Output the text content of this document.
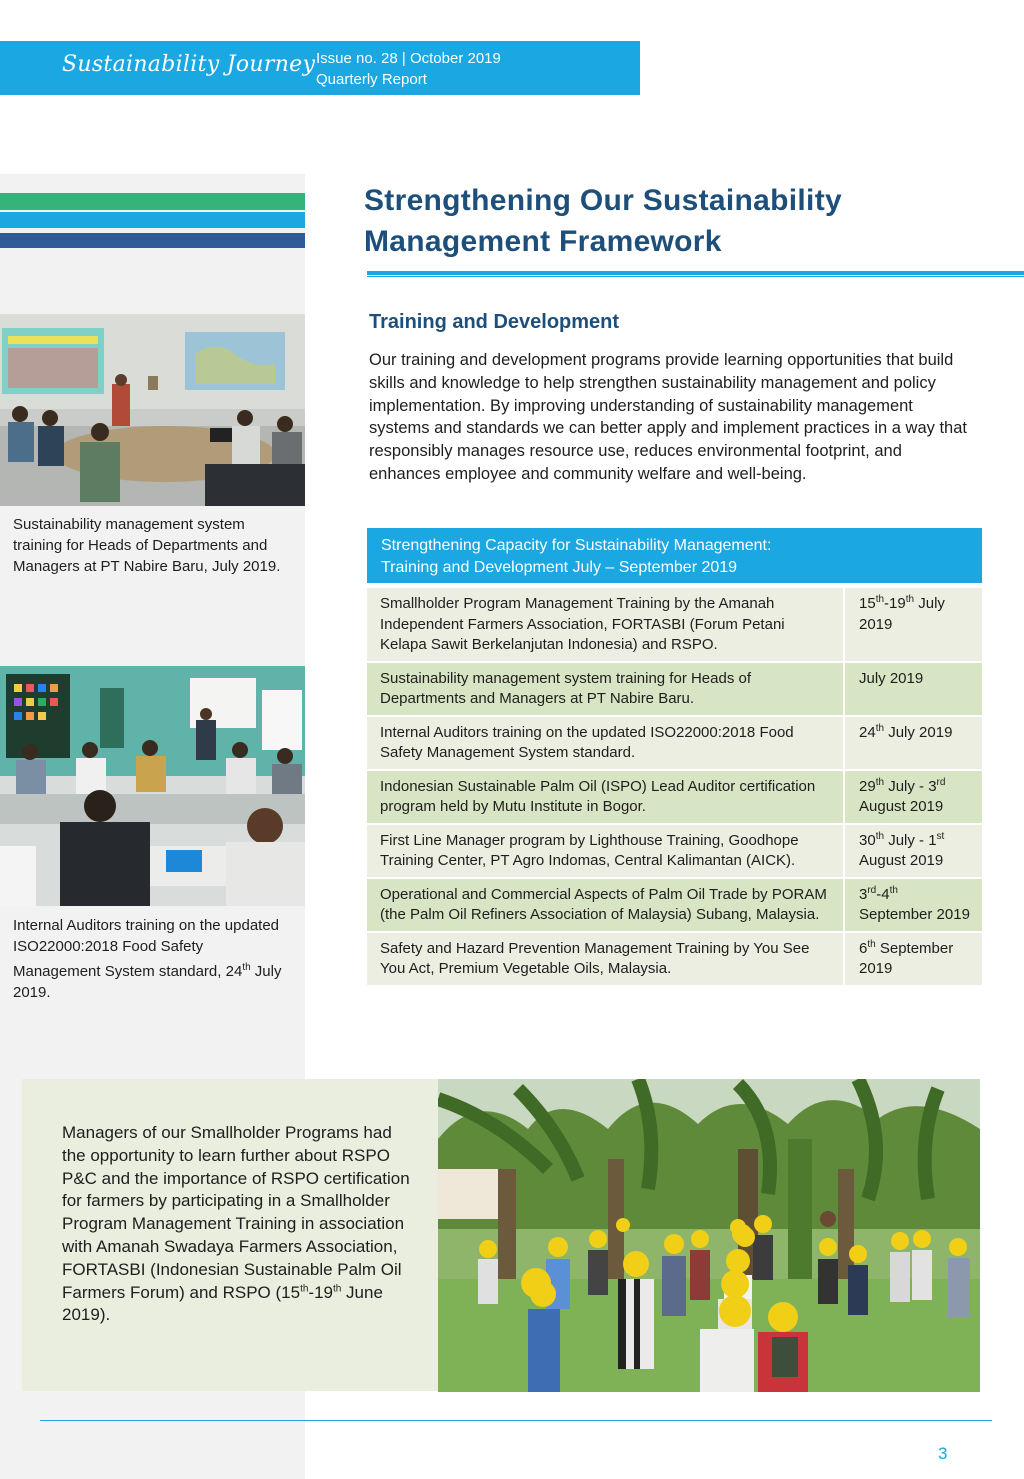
Sustainability Journey Issue no. 28 | October 2019
Quarterly Report
Sustainability management system training for Heads of Departments and Managers at PT Nabire Baru, July 2019.
Internal Auditors training on the updated ISO22000:2018 Food Safety Management System standard, 24th July 2019.
Strengthening Our Sustainability
Management Framework
Training and Development
Our training and development programs provide learning opportunities that build skills and knowledge to help strengthen sustainability management and policy implementation. By improving understanding of sustainability management systems and standards we can better apply and implement practices in a way that responsibly manages resource use, reduces environmental footprint, and enhances employee and community welfare and well-being.
Strengthening Capacity for Sustainability Management:
Training and Development July – September 2019
Smallholder Program Management Training by the Amanah Independent Farmers Association, FORTASBI (Forum Petani Kelapa Sawit Berkelanjutan Indonesia) and RSPO.
15th-19th July 2019
Sustainability management system training for Heads of Departments and Managers at PT Nabire Baru.
July 2019
Internal Auditors training on the updated ISO22000:2018 Food Safety Management System standard.
24th July 2019
Indonesian Sustainable Palm Oil (ISPO) Lead Auditor certification program held by Mutu Institute in Bogor.
29th July - 3rd August 2019
First Line Manager program by Lighthouse Training, Goodhope Training Center, PT Agro Indomas, Central Kalimantan (AICK).
30th July - 1st August 2019
Operational and Commercial Aspects of Palm Oil Trade by PORAM (the Palm Oil Refiners Association of Malaysia) Subang, Malaysia.
3rd-4th September 2019
Safety and Hazard Prevention Management Training by You See You Act, Premium Vegetable Oils, Malaysia.
6th September 2019
Managers of our Smallholder Programs had the opportunity to learn further about RSPO P&C and the importance of RSPO certification for farmers by participating in a Smallholder Program Management Training in association with Amanah Swadaya Farmers Association, FORTASBI (Indonesian Sustainable Palm Oil Farmers Forum) and RSPO (15th-19th June 2019).
3
